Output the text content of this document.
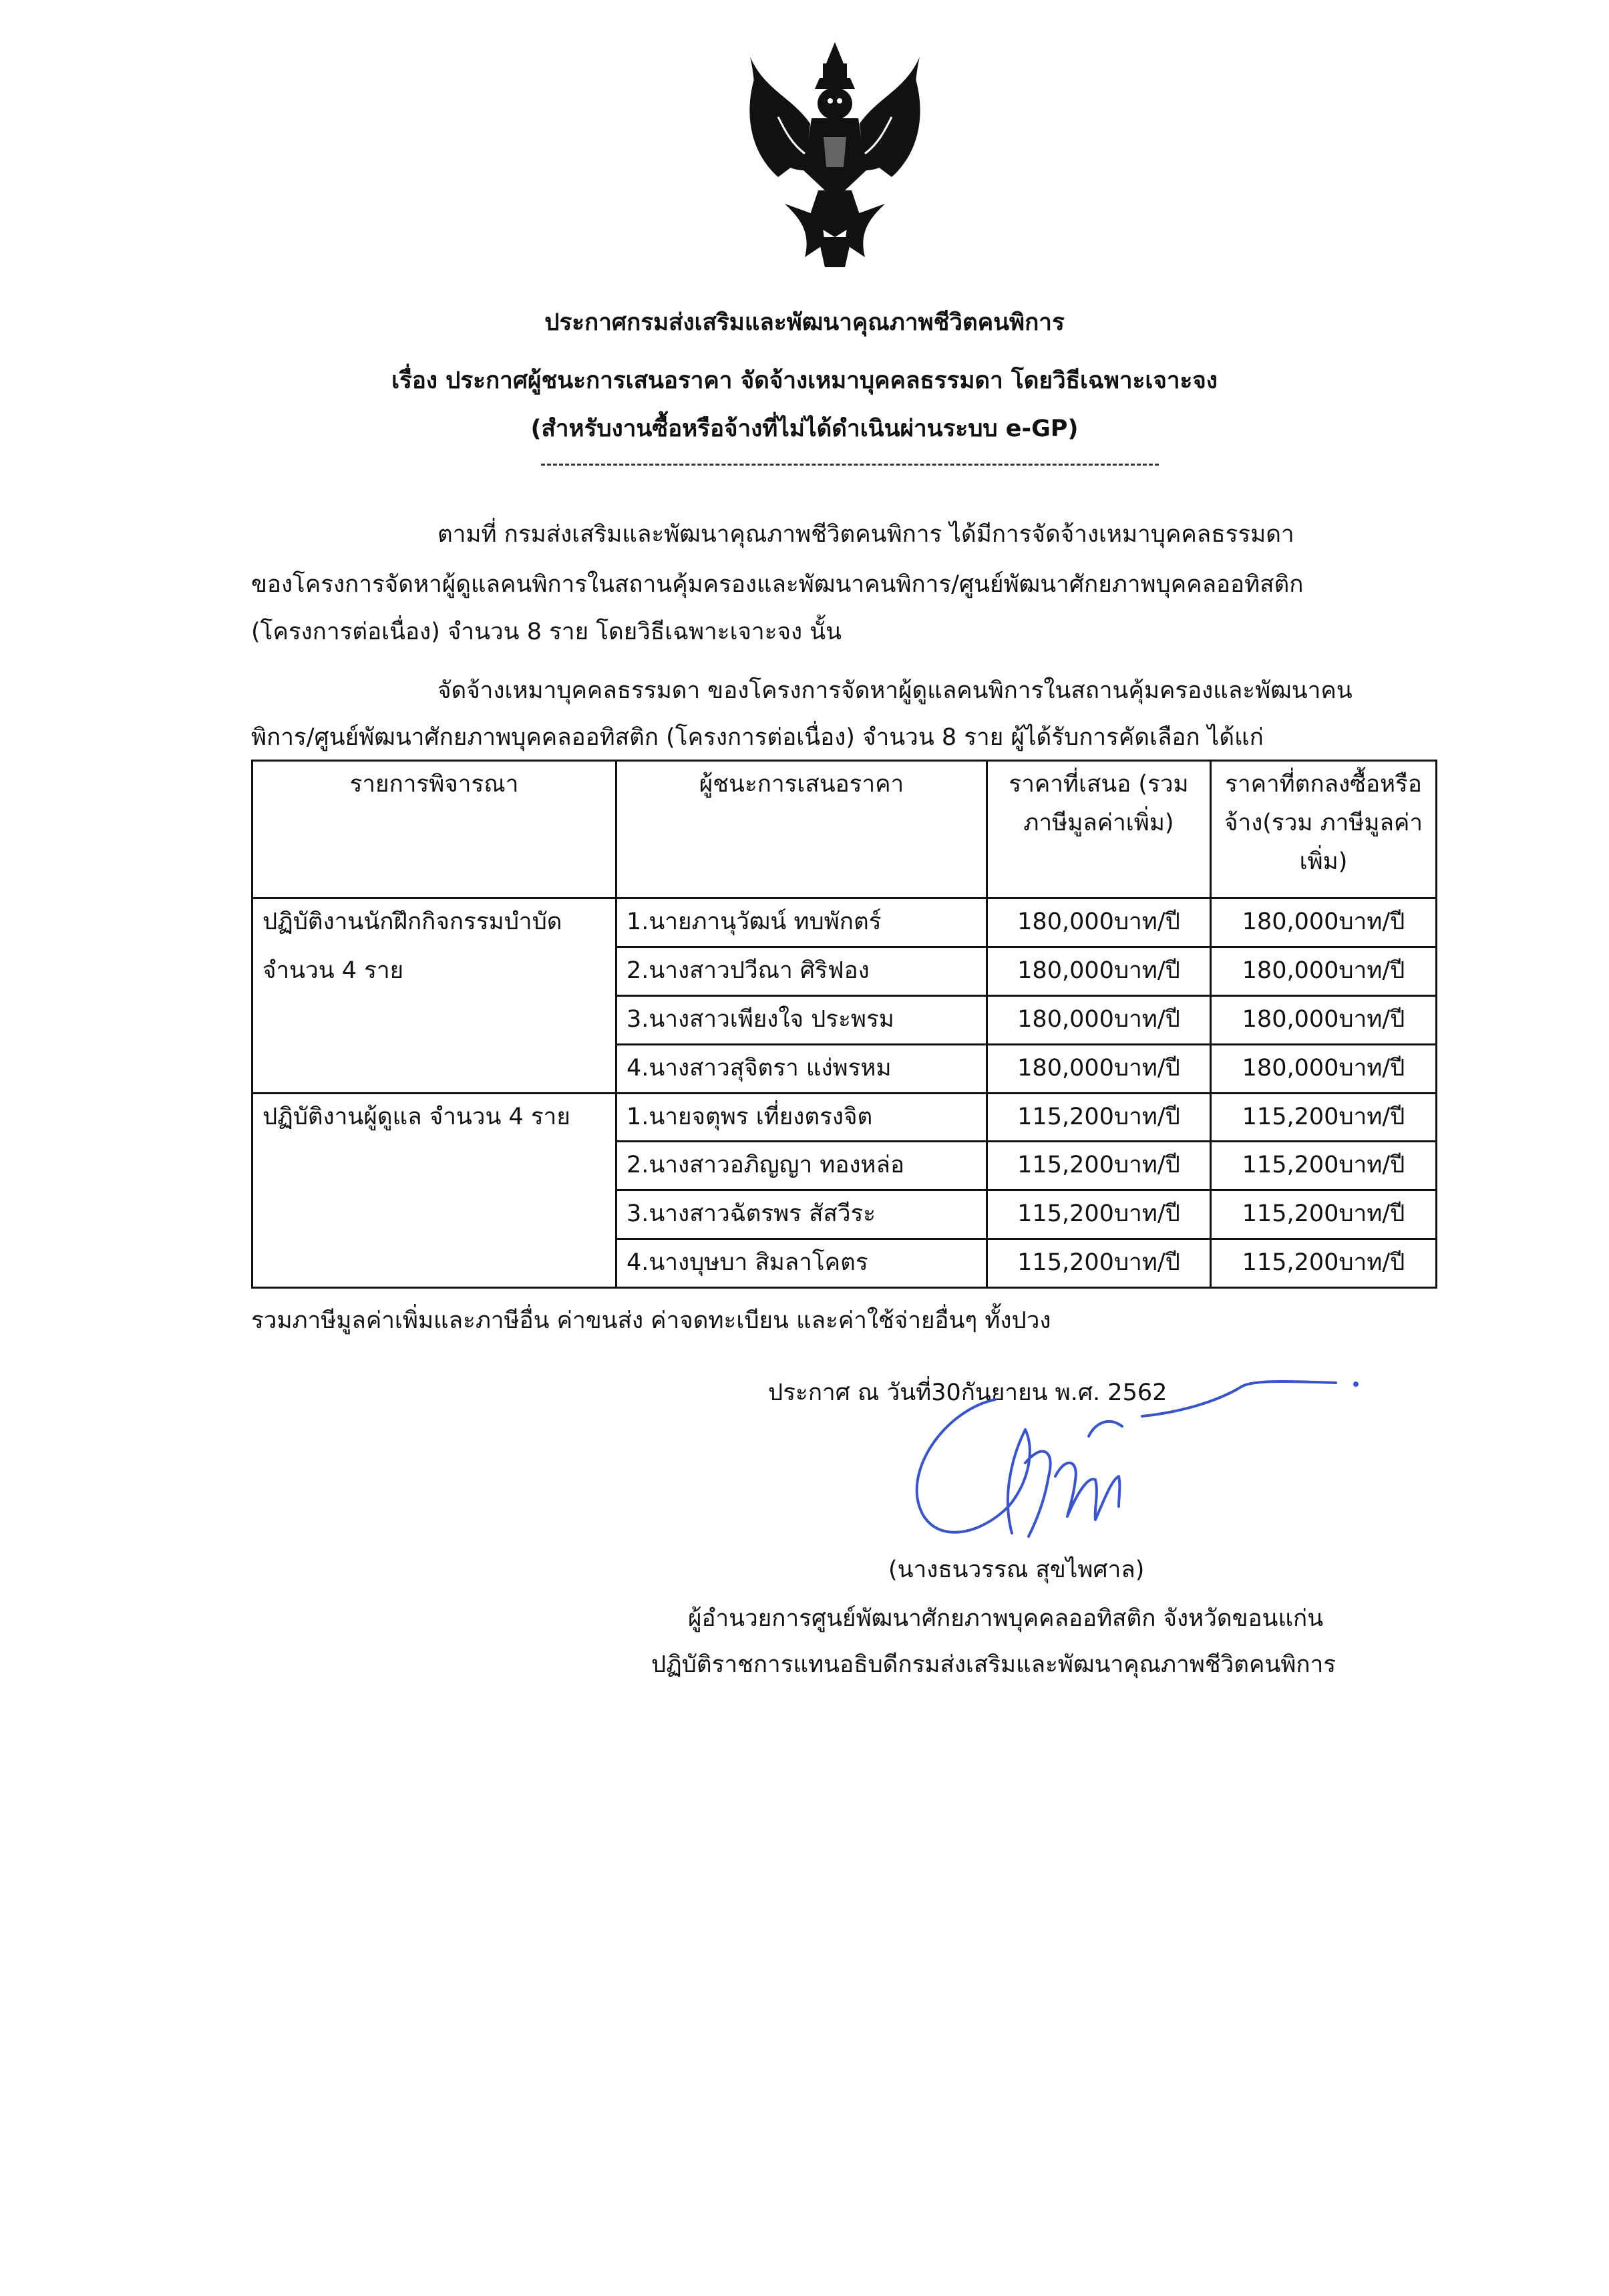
ประกาศกรมส่งเสริมและพัฒนาคุณภาพชีวิตคนพิการ
เรื่อง ประกาศผู้ชนะการเสนอราคา จัดจ้างเหมาบุคคลธรรมดา โดยวิธีเฉพาะเจาะจง
(สำหรับงานซื้อหรือจ้างที่ไม่ได้ดำเนินผ่านระบบ e-GP)
ตามที่ กรมส่งเสริมและพัฒนาคุณภาพชีวิตคนพิการ ได้มีการจัดจ้างเหมาบุคคลธรรมดา
ของโครงการจัดหาผู้ดูแลคนพิการในสถานคุ้มครองและพัฒนาคนพิการ/ศูนย์พัฒนาศักยภาพบุคคลออทิสติก
(โครงการต่อเนื่อง) จำนวน 8 ราย โดยวิธีเฉพาะเจาะจง นั้น
จัดจ้างเหมาบุคคลธรรมดา ของโครงการจัดหาผู้ดูแลคนพิการในสถานคุ้มครองและพัฒนาคน
พิการ/ศูนย์พัฒนาศักยภาพบุคคลออทิสติก (โครงการต่อเนื่อง) จำนวน 8 ราย ผู้ได้รับการคัดเลือก ได้แก่
รายการพิจารณา	ผู้ชนะการเสนอราคา	ราคาที่เสนอ (รวม ภาษีมูลค่าเพิ่ม)	ราคาที่ตกลงซื้อหรือจ้าง(รวม ภาษีมูลค่าเพิ่ม)

ปฏิบัติงานนักฝึกกิจกรรมบำบัด
จำนวน 4 ราย	1.นายภานุวัฒน์ ทบพักตร์	180,000บาท/ปี	180,000บาท/ปี
	2.นางสาวปวีณา ศิริฟอง	180,000บาท/ปี	180,000บาท/ปี
	3.นางสาวเพียงใจ ประพรม	180,000บาท/ปี	180,000บาท/ปี
	4.นางสาวสุจิตรา แง่พรหม	180,000บาท/ปี	180,000บาท/ปี

ปฏิบัติงานผู้ดูแล จำนวน 4 ราย	1.นายจตุพร เที่ยงตรงจิต	115,200บาท/ปี	115,200บาท/ปี
	2.นางสาวอภิญญา ทองหล่อ	115,200บาท/ปี	115,200บาท/ปี
	3.นางสาวฉัตรพร สัสวีระ	115,200บาท/ปี	115,200บาท/ปี
	4.นางบุษบา สิมลาโคตร	115,200บาท/ปี	115,200บาท/ปี
รวมภาษีมูลค่าเพิ่มและภาษีอื่น ค่าขนส่ง ค่าจดทะเบียน และค่าใช้จ่ายอื่นๆ ทั้งปวง
ประกาศ ณ วันที่30กันยายน พ.ศ. 2562
(นางธนวรรณ สุขไพศาล)
ผู้อำนวยการศูนย์พัฒนาศักยภาพบุคคลออทิสติก จังหวัดขอนแก่น
ปฏิบัติราชการแทนอธิบดีกรมส่งเสริมและพัฒนาคุณภาพชีวิตคนพิการ
